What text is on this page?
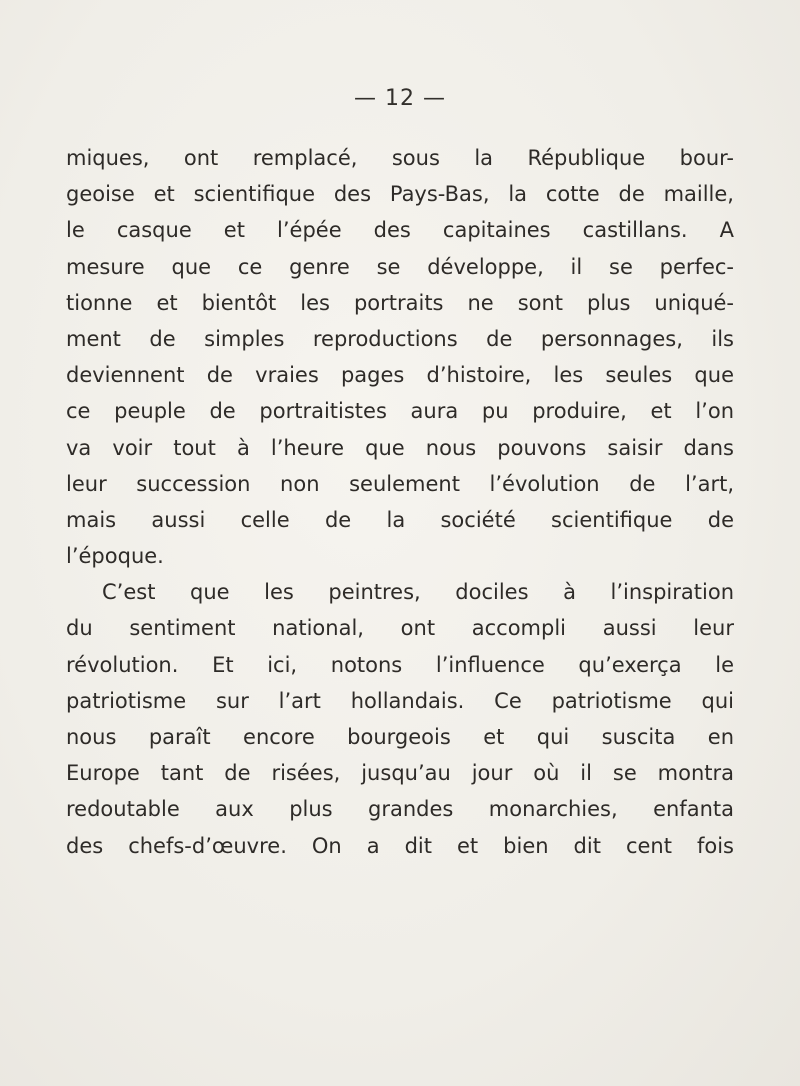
— 12 —
miques, ont remplacé, sous la République bour-
geoise et scientifique des Pays-Bas, la cotte de maille,
le casque et l’épée des capitaines castillans. A
mesure que ce genre se développe, il se perfec-
tionne et bientôt les portraits ne sont plus uniqué-
ment de simples reproductions de personnages, ils
deviennent de vraies pages d’histoire, les seules que
ce peuple de portraitistes aura pu produire, et l’on
va voir tout à l’heure que nous pouvons saisir dans
leur succession non seulement l’évolution de l’art,
mais aussi celle de la société scientifique de
l’époque.
C’est que les peintres, dociles à l’inspiration
du sentiment national, ont accompli aussi leur
révolution. Et ici, notons l’influence qu’exerça le
patriotisme sur l’art hollandais. Ce patriotisme qui
nous paraît encore bourgeois et qui suscita en
Europe tant de risées, jusqu’au jour où il se montra
redoutable aux plus grandes monarchies, enfanta
des chefs-d’œuvre. On a dit et bien dit cent fois
